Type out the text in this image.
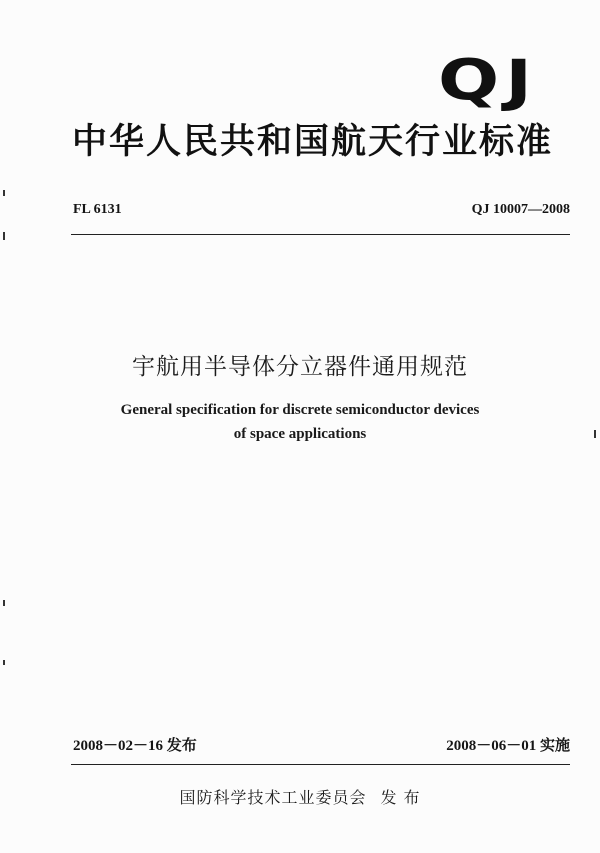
QJ
中华人民共和国航天行业标准
FL 6131	QJ 10007—2008
宇航用半导体分立器件通用规范
General specification for discrete semiconductor devices
of space applications
2008－02－16 发布	2008－06－01 实施
国防科学技术工业委员会 发 布
